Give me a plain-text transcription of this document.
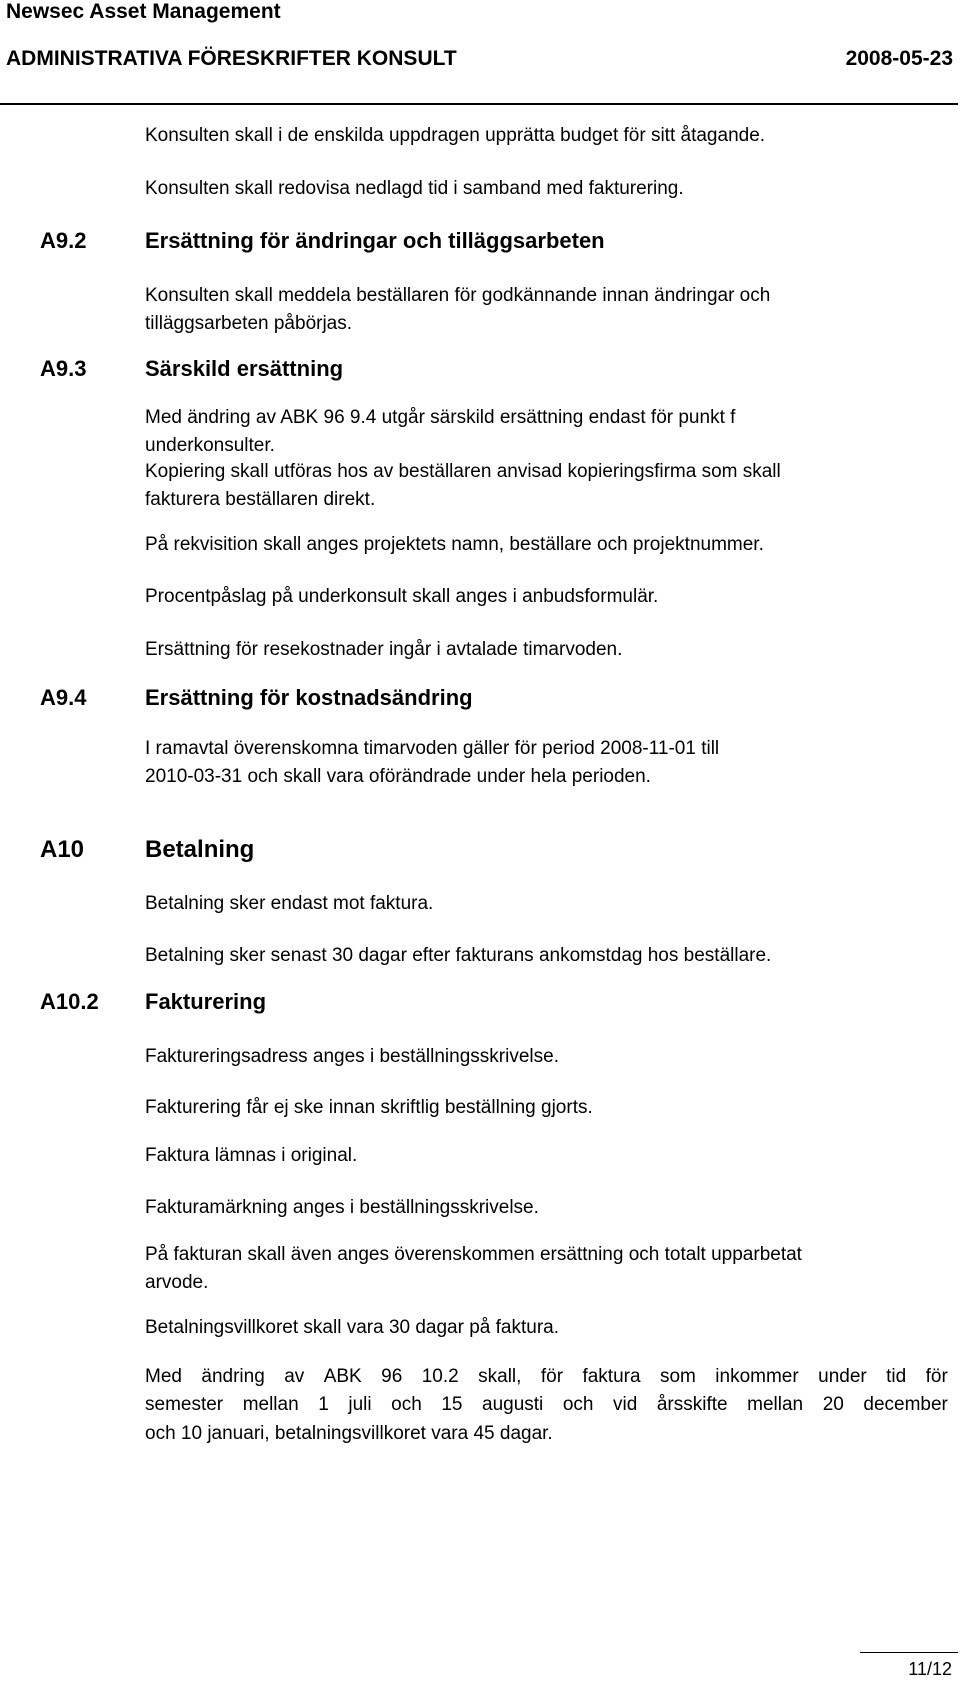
Newsec Asset Management
ADMINISTRATIVA FÖRESKRIFTER KONSULT	2008-05-23
Konsulten skall i de enskilda uppdragen upprätta budget för sitt åtagande.
Konsulten skall redovisa nedlagd tid i samband med fakturering.
A9.2	Ersättning för ändringar och tilläggsarbeten
Konsulten skall meddela beställaren för godkännande innan ändringar och
tilläggsarbeten påbörjas.
A9.3	Särskild ersättning
Med ändring av ABK 96 9.4 utgår särskild ersättning endast för punkt f
underkonsulter.
Kopiering skall utföras hos av beställaren anvisad kopieringsfirma som skall
fakturera beställaren direkt.
På rekvisition skall anges projektets namn, beställare och projektnummer.
Procentpåslag på underkonsult skall anges i anbudsformulär.
Ersättning för resekostnader ingår i avtalade timarvoden.
A9.4	Ersättning för kostnadsändring
I ramavtal överenskomna timarvoden gäller för period 2008-11-01 till
2010-03-31 och skall vara oförändrade under hela perioden.
A10	Betalning
Betalning sker endast mot faktura.
Betalning sker senast 30 dagar efter fakturans ankomstdag hos beställare.
A10.2 Fakturering
Faktureringsadress anges i beställningsskrivelse.
Fakturering får ej ske innan skriftlig beställning gjorts.
Faktura lämnas i original.
Fakturamärkning anges i beställningsskrivelse.
På fakturan skall även anges överenskommen ersättning och totalt upparbetat
arvode.
Betalningsvillkoret skall vara 30 dagar på faktura.
Med ändring av ABK 96 10.2 skall, för faktura som inkommer under tid för
semester mellan 1 juli och 15 augusti och vid årsskifte mellan 20 december
och 10 januari, betalningsvillkoret vara 45 dagar.
11/12
